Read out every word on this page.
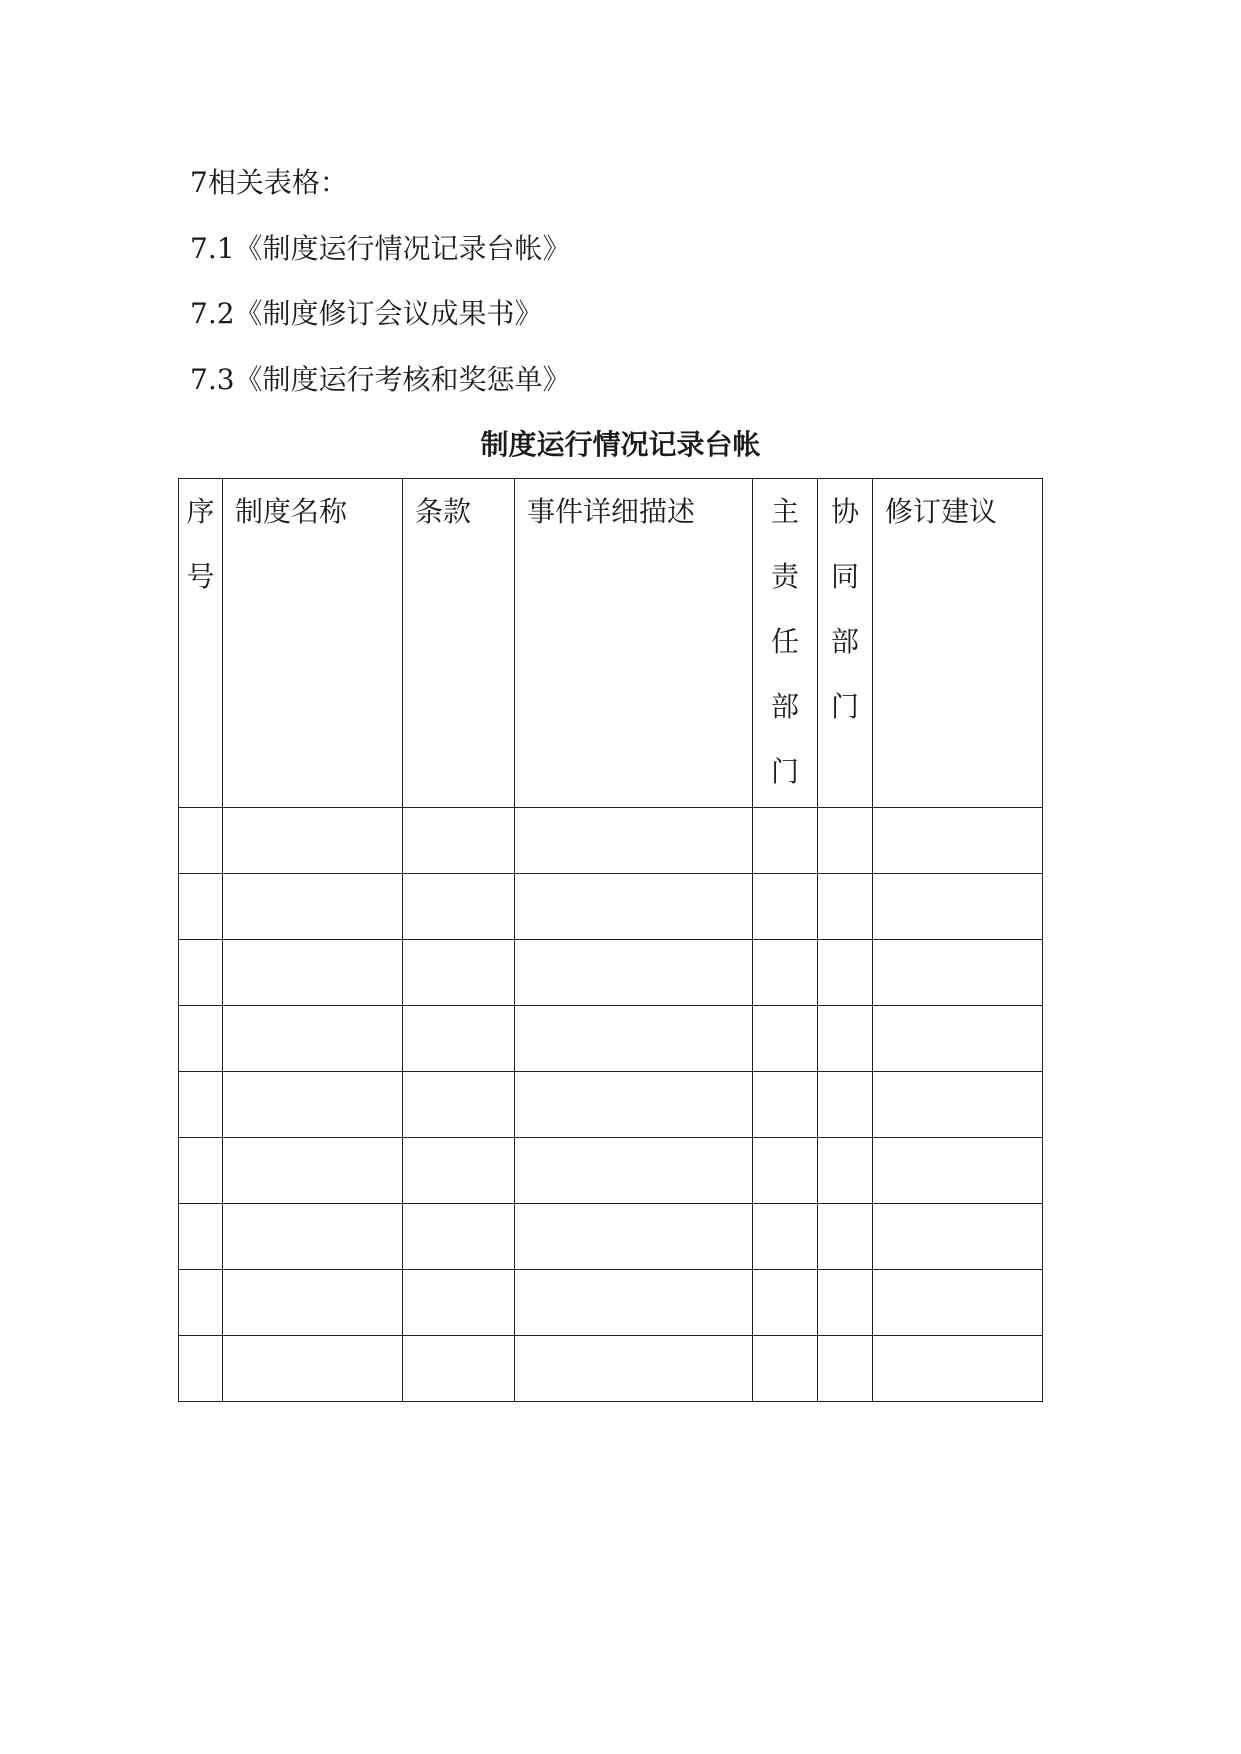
7相关表格：
7.1《制度运行情况记录台帐》
7.2《制度修订会议成果书》
7.3《制度运行考核和奖惩单》
制度运行情况记录台帐
序号	制度名称	条款	事件详细描述	主责任部门	协同部门	修订建议
